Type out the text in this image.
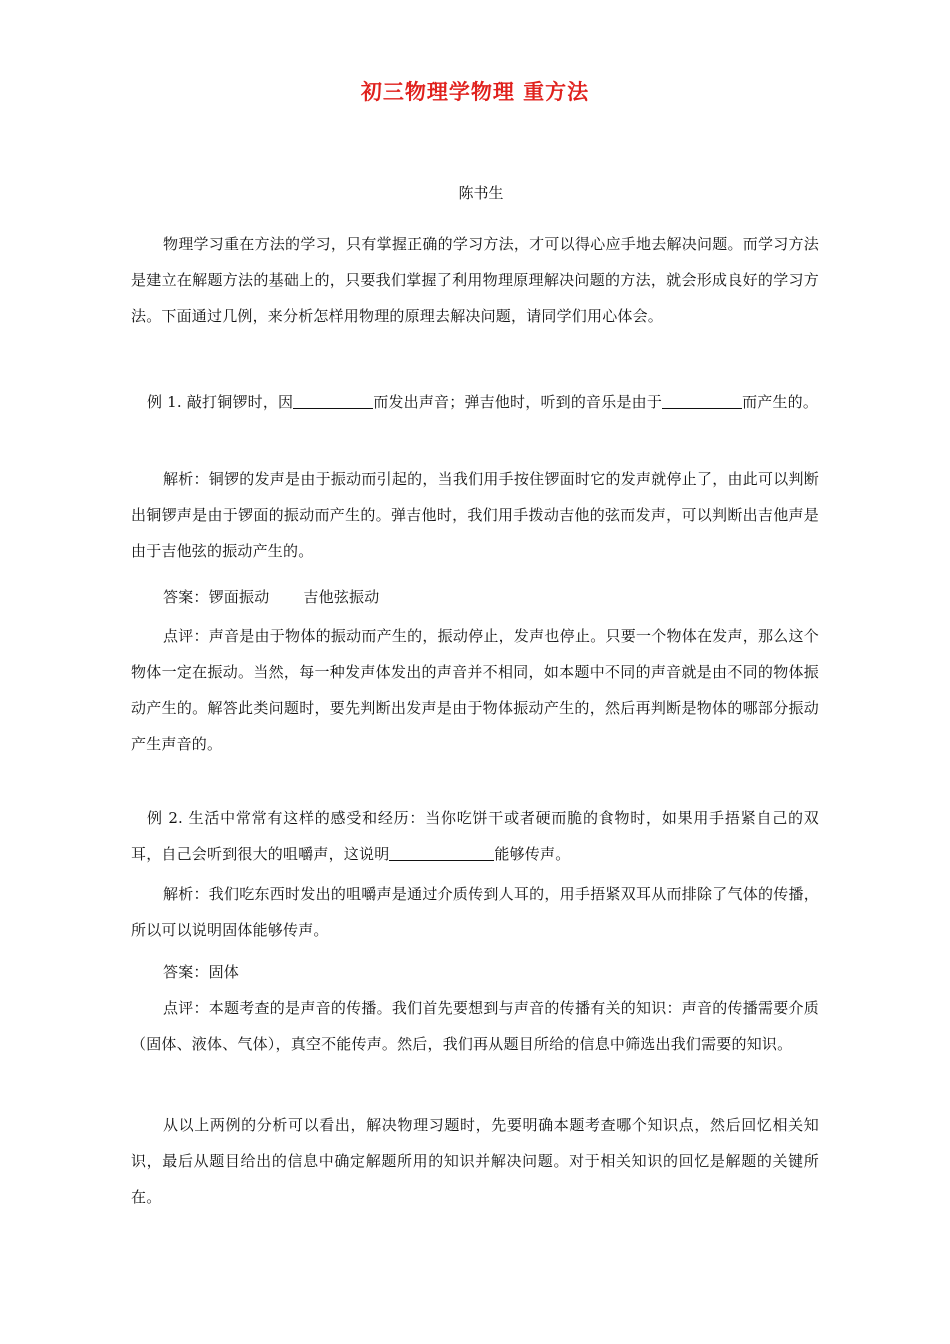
初三物理学物理 重方法
陈书生
物理学习重在方法的学习，只有掌握正确的学习方法，才可以得心应手地去解决问题。而学习方法是建立在解题方法的基础上的，只要我们掌握了利用物理原理解决问题的方法，就会形成良好的学习方法。下面通过几例，来分析怎样用物理的原理去解决问题，请同学们用心体会。
例 1. 敲打铜锣时，因	而发出声音；弹吉他时，听到的音乐是由于	而产生的。
解析：铜锣的发声是由于振动而引起的，当我们用手按住锣面时它的发声就停止了，由此可以判断出铜锣声是由于锣面的振动而产生的。弹吉他时，我们用手拨动吉他的弦而发声，可以判断出吉他声是由于吉他弦的振动产生的。
答案：锣面振动 吉他弦振动
点评：声音是由于物体的振动而产生的，振动停止，发声也停止。只要一个物体在发声，那么这个物体一定在振动。当然，每一种发声体发出的声音并不相同，如本题中不同的声音就是由不同的物体振动产生的。解答此类问题时，要先判断出发声是由于物体振动产生的，然后再判断是物体的哪部分振动产生声音的。
例 2. 生活中常常有这样的感受和经历：当你吃饼干或者硬而脆的食物时，如果用手捂紧自己的双耳，自己会听到很大的咀嚼声，这说明	能够传声。
解析：我们吃东西时发出的咀嚼声是通过介质传到人耳的，用手捂紧双耳从而排除了气体的传播，所以可以说明固体能够传声。
答案：固体
点评：本题考查的是声音的传播。我们首先要想到与声音的传播有关的知识：声音的传播需要介质（固体、液体、气体），真空不能传声。然后，我们再从题目所给的信息中筛选出我们需要的知识。
从以上两例的分析可以看出，解决物理习题时，先要明确本题考查哪个知识点，然后回忆相关知识，最后从题目给出的信息中确定解题所用的知识并解决问题。对于相关知识的回忆是解题的关键所在。
